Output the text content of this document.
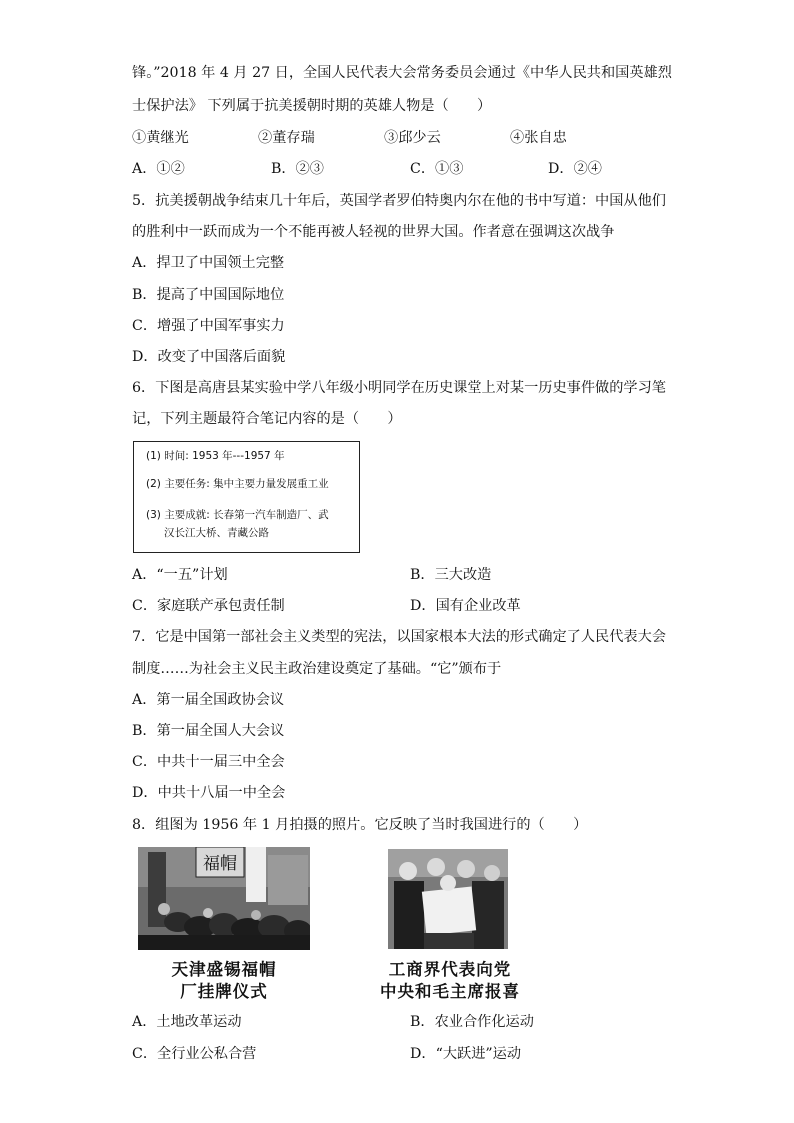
锋。”2018 年 4 月 27 日，全国人民代表大会常务委员会通过《中华人民共和国英雄烈
士保护法》 下列属于抗美援朝时期的英雄人物是（　　）
①黄继光	②董存瑞	③邱少云	④张自忠
A．①②	B．②③	C．①③	D．②④
5．抗美援朝战争结束几十年后，英国学者罗伯特奥内尔在他的书中写道：中国从他们
的胜利中一跃而成为一个不能再被人轻视的世界大国。作者意在强调这次战争
A．捍卫了中国领土完整
B．提高了中国国际地位
C．增强了中国军事实力
D．改变了中国落后面貌
6．下图是高唐县某实验中学八年级小明同学在历史课堂上对某一历史事件做的学习笔
记，下列主题最符合笔记内容的是（　　）
(1) 时间: 1953 年---1957 年
(2) 主要任务: 集中主要力量发展重工业
(3) 主要成就: 长春第一汽车制造厂、武
汉长江大桥、青藏公路
A．“一五”计划	B．三大改造
C．家庭联产承包责任制	D．国有企业改革
7．它是中国第一部社会主义类型的宪法，以国家根本大法的形式确定了人民代表大会
制度……为社会主义民主政治建设奠定了基础。“它”颁布于
A．第一届全国政协会议
B．第一届全国人大会议
C．中共十一届三中全会
D．中共十八届一中全会
8．组图为 1956 年 1 月拍摄的照片。它反映了当时我国进行的（　　）
福帽
天津盛锡福帽
厂挂牌仪式
工商界代表向党
中央和毛主席报喜
A．土地改革运动	B．农业合作化运动
C．全行业公私合营	D．“大跃进”运动
